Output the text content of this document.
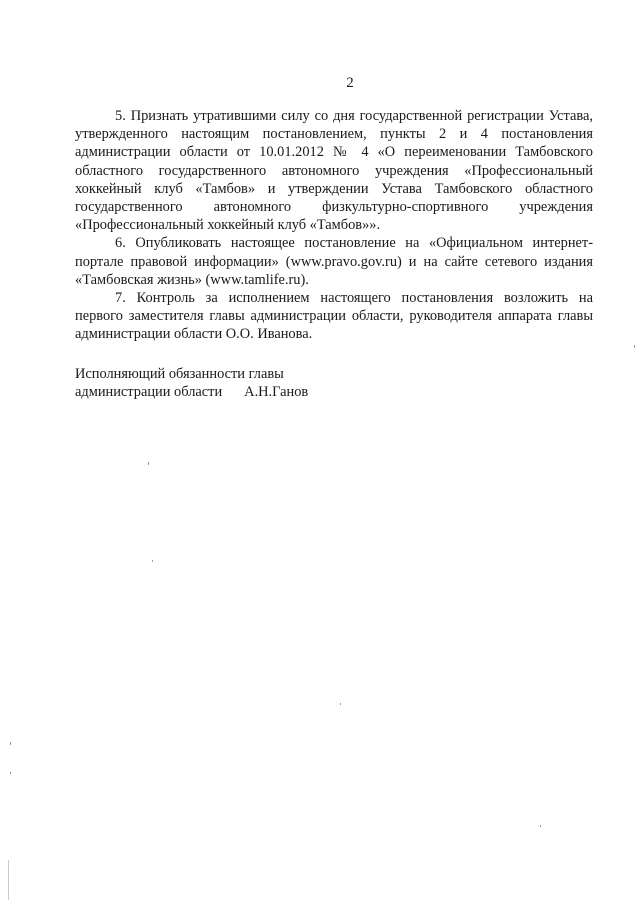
2

5. Признать утратившими силу со дня государственной регистрации Устава, утвержденного настоящим постановлением, пункты 2 и 4 постановления администрации области от 10.01.2012 № 4 «О переименовании Тамбовского областного государственного автономного учреждения «Профессиональный хоккейный клуб «Тамбов» и утверждении Устава Тамбовского областного государственного автономного физкультурно-спортивного учреждения «Профессиональный хоккейный клуб «Тамбов»».

6. Опубликовать настоящее постановление на «Официальном интернет-портале правовой информации» (www.pravo.gov.ru) и на сайте сетевого издания «Тамбовская жизнь» (www.tamlife.ru).

7. Контроль за исполнением настоящего постановления возложить на первого заместителя главы администрации области, руководителя аппарата главы администрации области О.О. Иванова.

Исполняющий обязанности главы
администрации области А.Н.Ганов
